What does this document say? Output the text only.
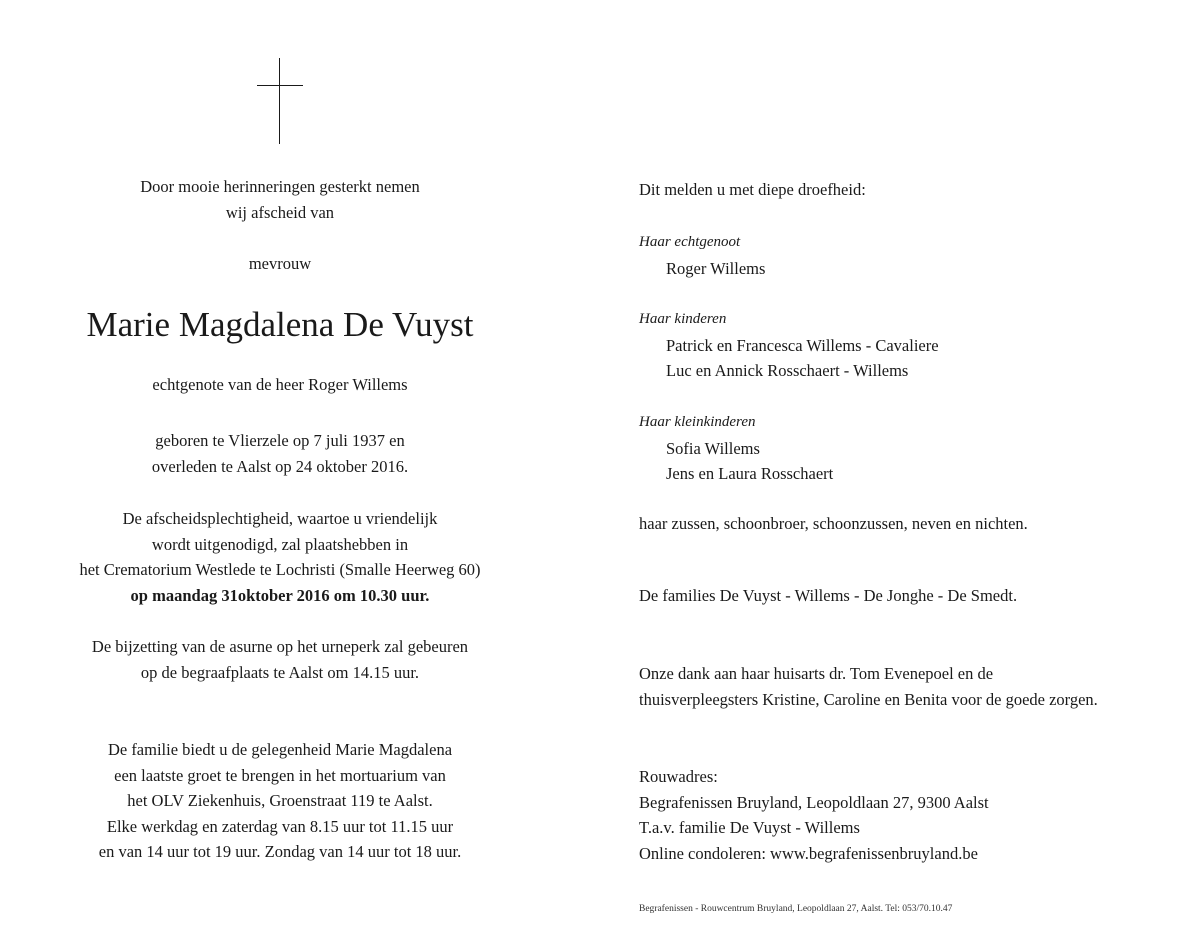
Door mooie herinneringen gesterkt nemen
wij afscheid van
mevrouw
Marie Magdalena De Vuyst
echtgenote van de heer Roger Willems
geboren te Vlierzele op 7 juli 1937 en
overleden te Aalst op 24 oktober 2016.
De afscheidsplechtigheid, waartoe u vriendelijk
wordt uitgenodigd, zal plaatshebben in
het Crematorium Westlede te Lochristi (Smalle Heerweg 60)
op maandag 31oktober 2016 om 10.30 uur.
De bijzetting van de asurne op het urneperk zal gebeuren
op de begraafplaats te Aalst om 14.15 uur.
De familie biedt u de gelegenheid Marie Magdalena
een laatste groet te brengen in het mortuarium van
het OLV Ziekenhuis, Groenstraat 119 te Aalst.
Elke werkdag en zaterdag van 8.15 uur tot 11.15 uur
en van 14 uur tot 19 uur. Zondag van 14 uur tot 18 uur.
Dit melden u met diepe droefheid:
Haar echtgenoot
Roger Willems
Haar kinderen
Patrick en Francesca Willems - Cavaliere
Luc en Annick Rosschaert - Willems
Haar kleinkinderen
Sofia Willems
Jens en Laura Rosschaert
haar zussen, schoonbroer, schoonzussen, neven en nichten.
De families De Vuyst - Willems - De Jonghe - De Smedt.
Onze dank aan haar huisarts dr. Tom Evenepoel en de
thuisverpleegsters Kristine, Caroline en Benita voor de goede zorgen.
Rouwadres:
Begrafenissen Bruyland, Leopoldlaan 27, 9300 Aalst
T.a.v. familie De Vuyst - Willems
Online condoleren: www.begrafenissenbruyland.be
Begrafenissen - Rouwcentrum Bruyland, Leopoldlaan 27, Aalst. Tel: 053/70.10.47
